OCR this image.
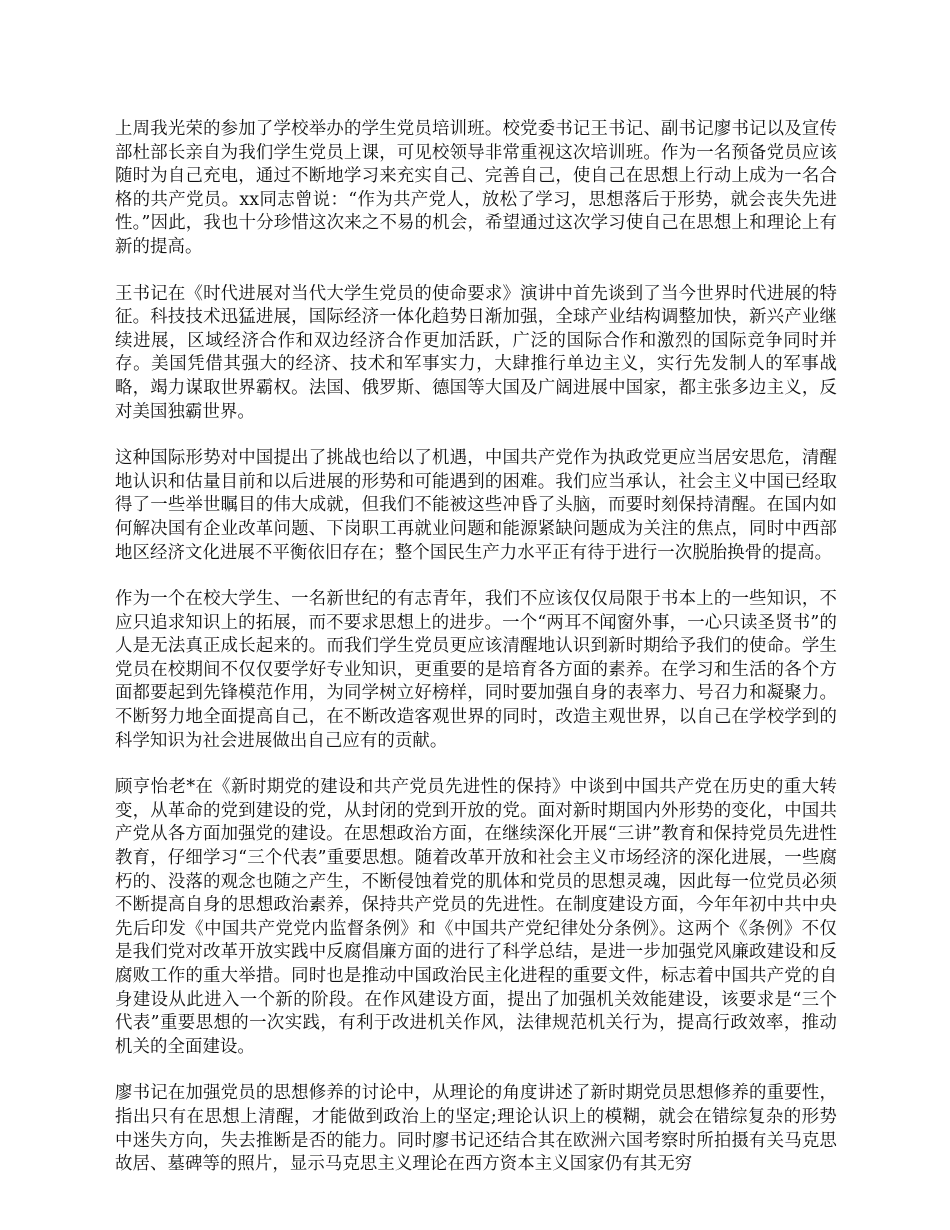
上周我光荣的参加了学校举办的学生党员培训班。校党委书记王书记、副书记廖书记以及宣传部杜部长亲自为我们学生党员上课，可见校领导非常重视这次培训班。作为一名预备党员应该随时为自己充电，通过不断地学习来充实自己、完善自己，使自己在思想上行动上成为一名合格的共产党员。xx同志曾说：“作为共产党人，放松了学习，思想落后于形势，就会丧失先进性。”因此，我也十分珍惜这次来之不易的机会，希望通过这次学习使自己在思想上和理论上有新的提高。

王书记在《时代进展对当代大学生党员的使命要求》演讲中首先谈到了当今世界时代进展的特征。科技技术迅猛进展，国际经济一体化趋势日渐加强，全球产业结构调整加快，新兴产业继续进展，区域经济合作和双边经济合作更加活跃，广泛的国际合作和激烈的国际竞争同时并存。美国凭借其强大的经济、技术和军事实力，大肆推行单边主义，实行先发制人的军事战略，竭力谋取世界霸权。法国、俄罗斯、德国等大国及广阔进展中国家，都主张多边主义，反对美国独霸世界。

这种国际形势对中国提出了挑战也给以了机遇，中国共产党作为执政党更应当居安思危，清醒地认识和估量目前和以后进展的形势和可能遇到的困难。我们应当承认，社会主义中国已经取得了一些举世瞩目的伟大成就，但我们不能被这些冲昏了头脑，而要时刻保持清醒。在国内如何解决国有企业改革问题、下岗职工再就业问题和能源紧缺问题成为关注的焦点，同时中西部地区经济文化进展不平衡依旧存在；整个国民生产力水平正有待于进行一次脱胎换骨的提高。

作为一个在校大学生、一名新世纪的有志青年，我们不应该仅仅局限于书本上的一些知识，不应只追求知识上的拓展，而不要求思想上的进步。一个“两耳不闻窗外事，一心只读圣贤书”的人是无法真正成长起来的。而我们学生党员更应该清醒地认识到新时期给予我们的使命。学生党员在校期间不仅仅要学好专业知识，更重要的是培育各方面的素养。在学习和生活的各个方面都要起到先锋模范作用，为同学树立好榜样，同时要加强自身的表率力、号召力和凝聚力。不断努力地全面提高自己，在不断改造客观世界的同时，改造主观世界，以自己在学校学到的科学知识为社会进展做出自己应有的贡献。

顾亨怡老*在《新时期党的建设和共产党员先进性的保持》中谈到中国共产党在历史的重大转变，从革命的党到建设的党，从封闭的党到开放的党。面对新时期国内外形势的变化，中国共产党从各方面加强党的建设。在思想政治方面，在继续深化开展“三讲”教育和保持党员先进性教育，仔细学习“三个代表”重要思想。随着改革开放和社会主义市场经济的深化进展，一些腐朽的、没落的观念也随之产生，不断侵蚀着党的肌体和党员的思想灵魂，因此每一位党员必须不断提高自身的思想政治素养，保持共产党员的先进性。在制度建设方面，今年年初中共中央先后印发《中国共产党党内监督条例》和《中国共产党纪律处分条例》。这两个《条例》不仅是我们党对改革开放实践中反腐倡廉方面的进行了科学总结，是进一步加强党风廉政建设和反腐败工作的重大举措。同时也是推动中国政治民主化进程的重要文件，标志着中国共产党的自身建设从此进入一个新的阶段。在作风建设方面，提出了加强机关效能建设，该要求是“三个代表”重要思想的一次实践，有利于改进机关作风，法律规范机关行为，提高行政效率，推动机关的全面建设。

廖书记在加强党员的思想修养的讨论中，从理论的角度讲述了新时期党员思想修养的重要性，指出只有在思想上清醒，才能做到政治上的坚定;理论认识上的模糊，就会在错综复杂的形势中迷失方向，失去推断是否的能力。同时廖书记还结合其在欧洲六国考察时所拍摄有关马克思故居、墓碑等的照片，显示马克思主义理论在西方资本主义国家仍有其无穷
